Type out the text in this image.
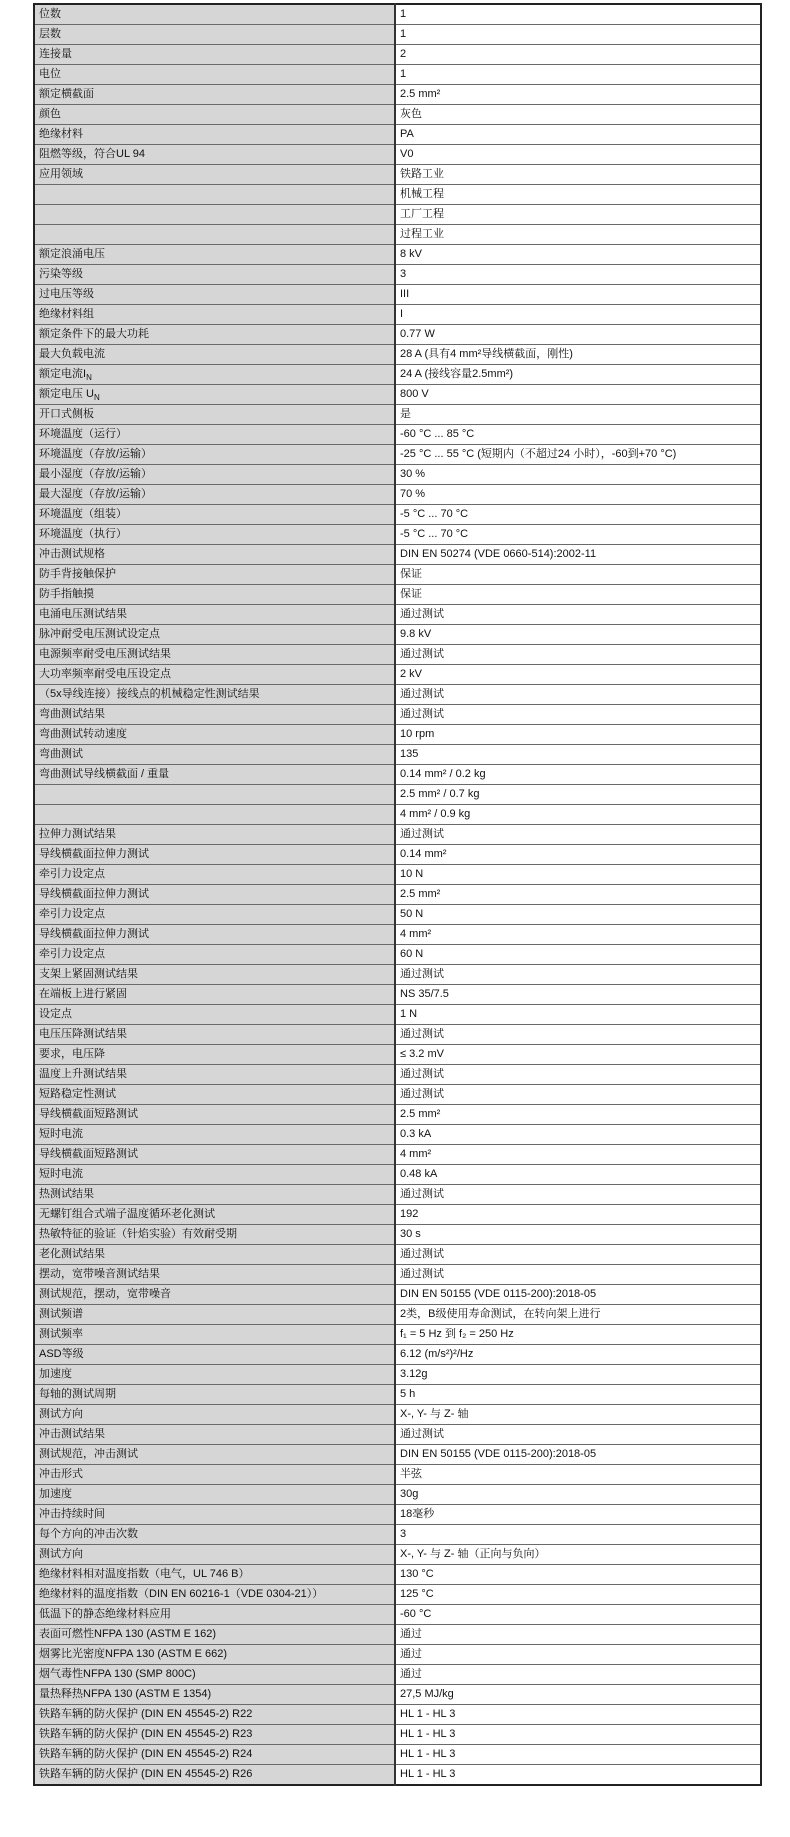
位数	1
层数	1
连接量	2
电位	1
额定横截面	2.5 mm²
颜色	灰色
绝缘材料	PA
阻燃等级，符合UL 94	V0
应用领域	铁路工业
	机械工程
	工厂工程
	过程工业
额定浪涌电压	8 kV
污染等级	3
过电压等级	III
绝缘材料组	I
额定条件下的最大功耗	0.77 W
最大负载电流	28 A (具有4 mm²导线横截面，刚性)
额定电流$I_N$	24 A (接线容量2.5mm²)
额定电压 $U_N$	800 V
开口式侧板	是
环境温度（运行）	-60 °C ... 85 °C
环境温度（存放/运输）	-25 °C ... 55 °C (短期内（不超过24 小时），-60到+70 °C)
最小湿度（存放/运输）	30 %
最大湿度（存放/运输）	70 %
环境温度（组装）	-5 °C ... 70 °C
环境温度（执行）	-5 °C ... 70 °C
冲击测试规格	DIN EN 50274 (VDE 0660-514):2002-11
防手背接触保护	保证
防手指触摸	保证
电涌电压测试结果	通过测试
脉冲耐受电压测试设定点	9.8 kV
电源频率耐受电压测试结果	通过测试
大功率频率耐受电压设定点	2 kV
（5x导线连接）接线点的机械稳定性测试结果	通过测试
弯曲测试结果	通过测试
弯曲测试转动速度	10 rpm
弯曲测试	135
弯曲测试导线横截面 / 重量	0.14 mm² / 0.2 kg
	2.5 mm² / 0.7 kg
	4 mm² / 0.9 kg
拉伸力测试结果	通过测试
导线横截面拉伸力测试	0.14 mm²
牵引力设定点	10 N
导线横截面拉伸力测试	2.5 mm²
牵引力设定点	50 N
导线横截面拉伸力测试	4 mm²
牵引力设定点	60 N
支架上紧固测试结果	通过测试
在端板上进行紧固	NS 35/7.5
设定点	1 N
电压压降测试结果	通过测试
要求，电压降	≤ 3.2 mV
温度上升测试结果	通过测试
短路稳定性测试	通过测试
导线横截面短路测试	2.5 mm²
短时电流	0.3 kA
导线横截面短路测试	4 mm²
短时电流	0.48 kA
热测试结果	通过测试
无螺钉组合式端子温度循环老化测试	192
热敏特征的验证（针焰实验）有效耐受期	30 s
老化测试结果	通过测试
摆动，宽带噪音测试结果	通过测试
测试规范，摆动，宽带噪音	DIN EN 50155 (VDE 0115-200):2018-05
测试频谱	2类，B级使用寿命测试，在转向架上进行
测试频率	f₁ = 5 Hz 到 f₂ = 250 Hz
ASD等级	6.12 (m/s²)²/Hz
加速度	3.12g
每轴的测试周期	5 h
测试方向	X-, Y- 与 Z- 轴
冲击测试结果	通过测试
测试规范，冲击测试	DIN EN 50155 (VDE 0115-200):2018-05
冲击形式	半弦
加速度	30g
冲击持续时间	18毫秒
每个方向的冲击次数	3
测试方向	X-, Y- 与 Z- 轴（正向与负向）
绝缘材料相对温度指数（电气，UL 746 B）	130 °C
绝缘材料的温度指数（DIN EN 60216-1（VDE 0304-21））	125 °C
低温下的静态绝缘材料应用	-60 °C
表面可燃性NFPA 130 (ASTM E 162)	通过
烟雾比光密度NFPA 130 (ASTM E 662)	通过
烟气毒性NFPA 130 (SMP 800C)	通过
量热释热NFPA 130 (ASTM E 1354)	27,5 MJ/kg
铁路车辆的防火保护 (DIN EN 45545-2) R22	HL 1 - HL 3
铁路车辆的防火保护 (DIN EN 45545-2) R23	HL 1 - HL 3
铁路车辆的防火保护 (DIN EN 45545-2) R24	HL 1 - HL 3
铁路车辆的防火保护 (DIN EN 45545-2) R26	HL 1 - HL 3
